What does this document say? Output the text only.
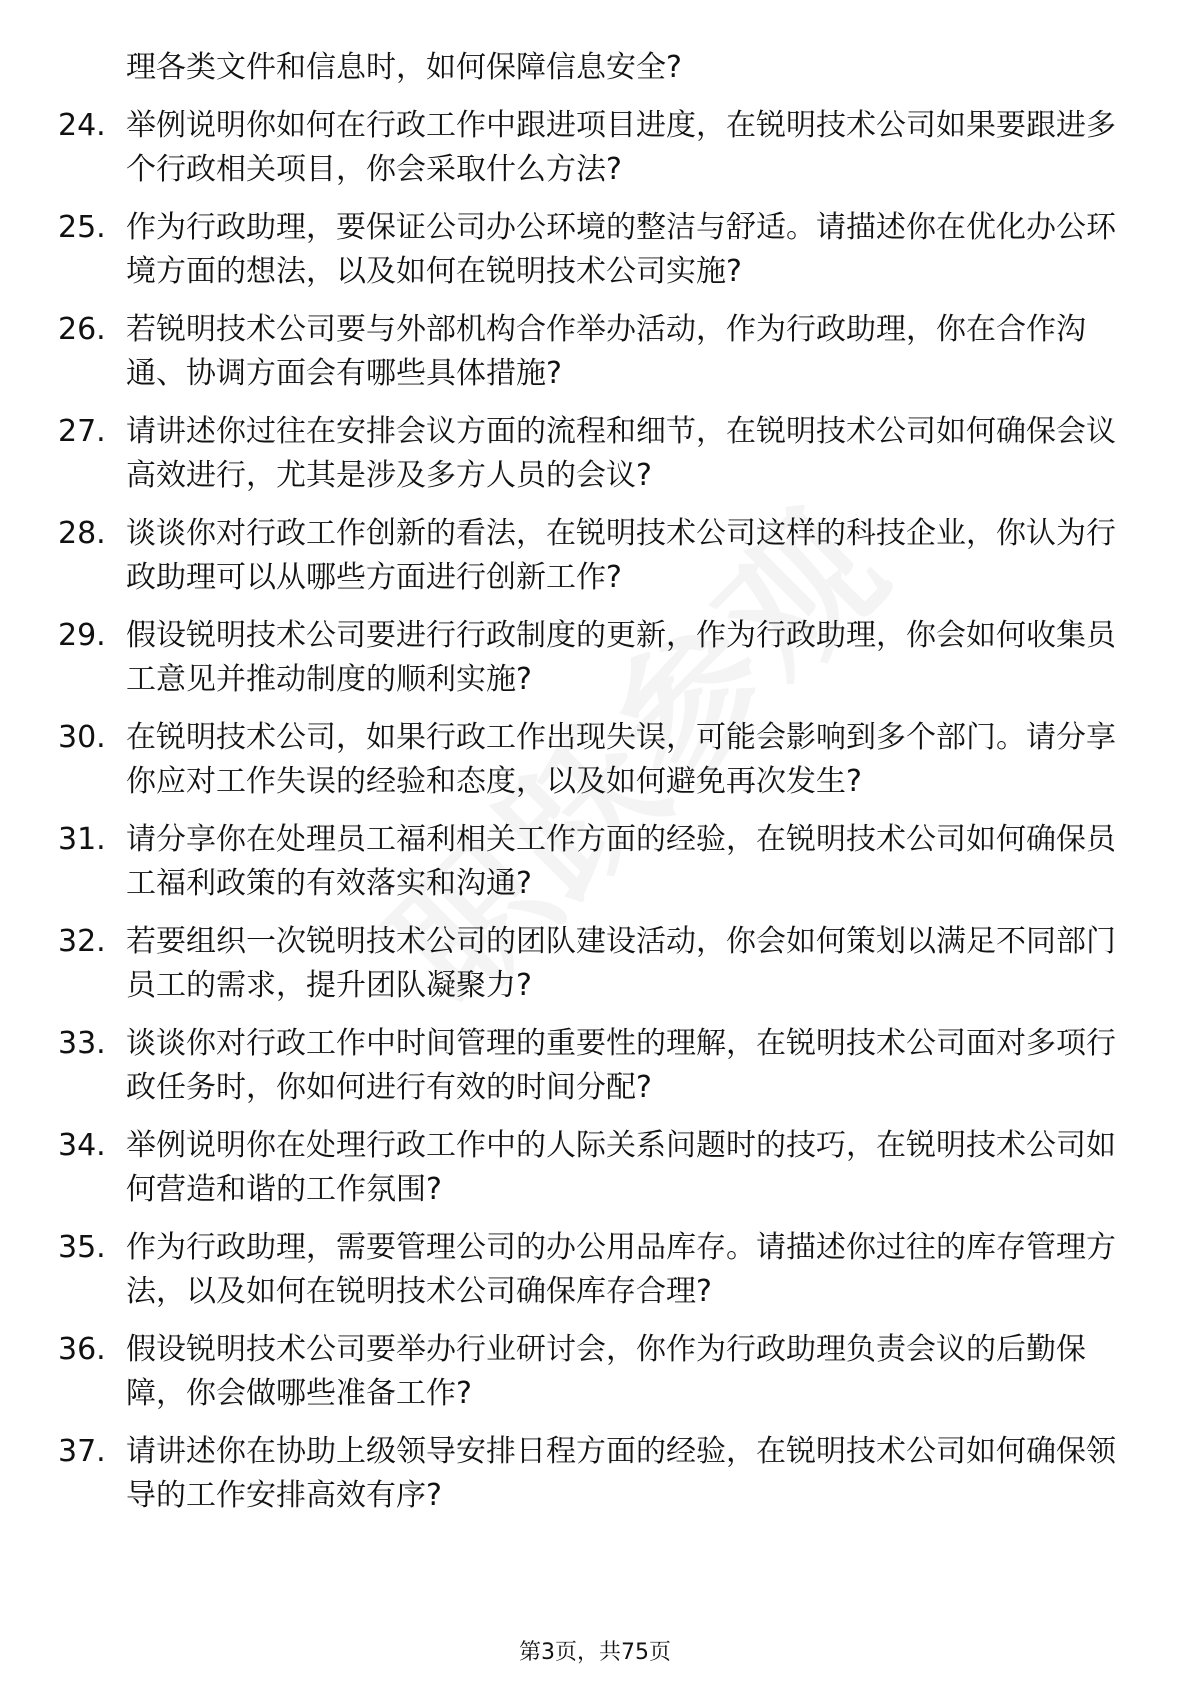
理各类文件和信息时，如何保障信息安全?
24. 举例说明你如何在行政工作中跟进项目进度，在锐明技术公司如果要跟进多个行政相关项目，你会采取什么方法?
25. 作为行政助理，要保证公司办公环境的整洁与舒适。请描述你在优化办公环境方面的想法，以及如何在锐明技术公司实施?
26. 若锐明技术公司要与外部机构合作举办活动，作为行政助理，你在合作沟通、协调方面会有哪些具体措施?
27. 请讲述你过往在安排会议方面的流程和细节，在锐明技术公司如何确保会议高效进行，尤其是涉及多方人员的会议?
28. 谈谈你对行政工作创新的看法，在锐明技术公司这样的科技企业，你认为行政助理可以从哪些方面进行创新工作?
29. 假设锐明技术公司要进行行政制度的更新，作为行政助理，你会如何收集员工意见并推动制度的顺利实施?
30. 在锐明技术公司，如果行政工作出现失误，可能会影响到多个部门。请分享你应对工作失误的经验和态度，以及如何避免再次发生?
31. 请分享你在处理员工福利相关工作方面的经验，在锐明技术公司如何确保员工福利政策的有效落实和沟通?
32. 若要组织一次锐明技术公司的团队建设活动，你会如何策划以满足不同部门员工的需求，提升团队凝聚力?
33. 谈谈你对行政工作中时间管理的重要性的理解，在锐明技术公司面对多项行政任务时，你如何进行有效的时间分配?
34. 举例说明你在处理行政工作中的人际关系问题时的技巧，在锐明技术公司如何营造和谐的工作氛围?
35. 作为行政助理，需要管理公司的办公用品库存。请描述你过往的库存管理方法，以及如何在锐明技术公司确保库存合理?
36. 假设锐明技术公司要举办行业研讨会，你作为行政助理负责会议的后勤保障，你会做哪些准备工作?
37. 请讲述你在协助上级领导安排日程方面的经验，在锐明技术公司如何确保领导的工作安排高效有序?
第3页，共75页
